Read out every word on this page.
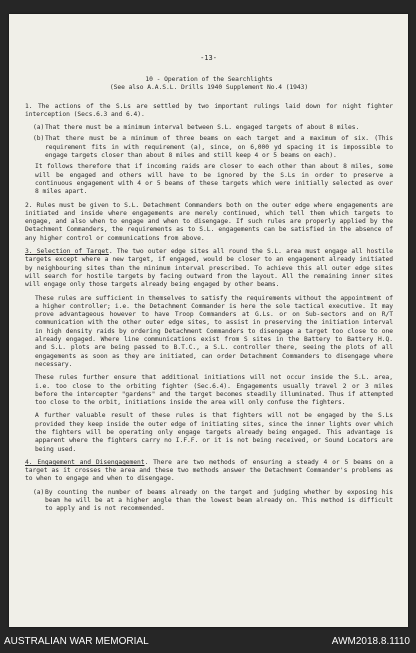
-13-
10 - Operation of the Searchlights
(See also A.A.S.L. Drills 1940 Supplement No.4 (1943)

1. The actions of the S.Ls are settled by two important rulings laid down for night fighter interception (Secs.6.3 and 6.4).

(a) That there must be a minimum interval between S.L. engaged targets of about 8 miles.
(b) That there must be a minimum of three beams on each target and a maximum of six. (This requirement fits in with requirement (a), since, on 6,000 yd spacing it is impossible to engage targets closer than about 8 miles and still keep 4 or 5 beams on each).

It follows therefore that if incoming raids are closer to each other than about 8 miles, some will be engaged and others will have to be ignored by the S.Ls in order to preserve a continuous engagement with 4 or 5 beams of these targets which were initially selected as over 8 miles apart.

2. Rules must be given to S.L. Detachment Commanders both on the outer edge where engagements are initiated and inside where engagements are merely continued, which tell them which targets to engage, and also when to engage and when to disengage. If such rules are properly applied by the Detachment Commanders, the requirements as to S.L. engagements can be satisfied in the absence of any higher control or communications from above.

3. Selection of Target. The two outer edge sites all round the S.L. area must engage all hostile targets except where a new target, if engaged, would be closer to an engagement already initiated by neighbouring sites than the minimum interval prescribed. To achieve this all outer edge sites will search for hostile targets by facing outward from the layout. All the remaining inner sites will engage only those targets already being engaged by other beams.

These rules are sufficient in themselves to satisfy the requirements without the appointment of a higher controller; i.e. the Detachment Commander is here the sole tactical executive. It may prove advantageous however to have Troop Commanders at G.Ls. or on Sub-sectors and on R/T communication with the other outer edge sites, to assist in preserving the initiation interval in high density raids by ordering Detachment Commanders to disengage a target too close to one already engaged. Where line communications exist from S sites in the Battery to Battery H.Q. and S.L. plots are being passed to B.T.C., a S.L. controller there, seeing the plots of all engagements as soon as they are initiated, can order Detachment Commanders to disengage where necessary.

These rules further ensure that additional initiations will not occur inside the S.L. area, i.e. too close to the orbiting fighter (Sec.6.4). Engagements usually travel 2 or 3 miles before the intercepter "gardens" and the target becomes steadily illuminated. Thus if attempted too close to the orbit, initiations inside the area will only confuse the fighters.

A further valuable result of these rules is that fighters will not be engaged by the S.Ls provided they keep inside the outer edge of initiating sites, since the inner lights over which the fighters will be operating only engage targets already being engaged. This advantage is apparent where the fighters carry no I.F.F. or it is not being received, or Sound Locators are being used.

4. Engagement and Disengagement. There are two methods of ensuring a steady 4 or 5 beams on a target as it crosses the area and these two methods answer the Detachment Commander's problems as to when to engage and when to disengage.

(a) By counting the number of beams already on the target and judging whether by exposing his beam he will be at a higher angle than the lowest beam already on. This method is difficult to apply and is not recommended.
AUSTRALIAN WAR MEMORIAL	AWM2018.8.1110
